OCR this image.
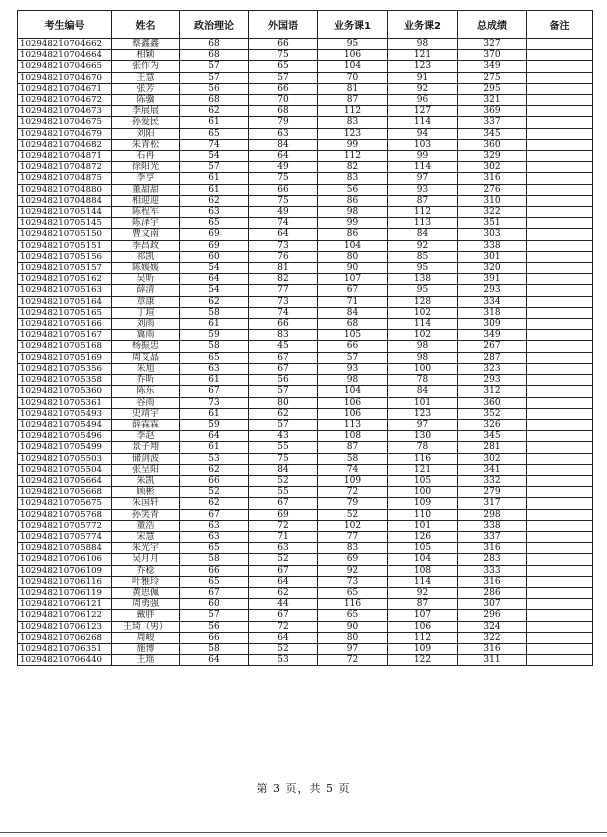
考生编号	姓名	政治理论	外国语	业务课1	业务课2	总成绩	备注
102948210704662	蔡鑫鑫	68	66	95	98	327	
102948210704664	相颖	68	75	106	121	370	
102948210704665	张作为	57	65	104	123	349	
102948210704670	王慧	57	57	70	91	275	
102948210704671	张芳	56	66	81	92	295	
102948210704672	陈骥	68	70	87	96	321	
102948210704673	李展展	62	68	112	127	369	
102948210704675	孙爱民	61	79	83	114	337	
102948210704679	刘阳	65	63	123	94	345	
102948210704682	朱青松	74	84	99	103	360	
102948210704871	石冉	54	64	112	99	329	
102948210704872	徐阳光	57	49	82	114	302	
102948210704875	李亨	61	75	83	97	316	
102948210704880	董甜甜	61	66	56	93	276	
102948210704884	相迎迎	62	75	86	87	310	
102948210705144	陈程军	63	49	98	112	322	
102948210705145	陈泽宇	65	74	99	113	351	
102948210705150	曹文南	69	64	86	84	303	
102948210705151	季昌政	69	73	104	92	338	
102948210705156	祁凯	60	76	80	85	301	
102948210705157	陈媛媛	54	81	90	95	320	
102948210705162	吴昕	64	82	107	138	391	
102948210705163	薛清	54	77	67	95	293	
102948210705164	章康	62	73	71	128	334	
102948210705165	丁瑄	58	74	84	102	318	
102948210705166	刘雨	61	66	68	114	309	
102948210705167	冀雨	59	83	105	102	349	
102948210705168	杨振忠	58	45	66	98	267	
102948210705169	周艾晶	65	67	57	98	287	
102948210705356	朱旭	63	67	93	100	323	
102948210705358	乔昕	61	56	98	78	293	
102948210705360	陈东	67	57	104	84	312	
102948210705361	谷雨	73	80	106	101	360	
102948210705493	史靖宇	61	62	106	123	352	
102948210705494	薛霖霖	59	57	113	97	326	
102948210705496	李赵	64	43	108	130	345	
102948210705499	景子翔	61	55	87	78	281	
102948210705503	储剑波	53	75	58	116	302	
102948210705504	张呈阳	62	84	74	121	341	
102948210705664	朱凯	66	52	109	105	332	
102948210705668	顾彬	52	55	72	100	279	
102948210705675	朱国轩	62	67	79	109	317	
102948210705768	孙笑青	67	69	52	110	298	
102948210705772	董浩	63	72	102	101	338	
102948210705774	宋慧	63	71	77	126	337	
102948210705884	朱光宇	65	63	83	105	316	
102948210706106	吴月月	58	52	69	104	283	
102948210706109	乔稔	66	67	92	108	333	
102948210706116	叶雅玲	65	64	73	114	316	
102948210706119	黄思佩	67	62	65	92	286	
102948210706121	周勇强	60	44	116	87	307	
102948210706122	戴胖	57	67	65	107	296	
102948210706123	王琦（男）	56	72	90	106	324	
102948210706268	周峻	66	64	80	112	322	
102948210706351	施博	58	52	97	109	316	
102948210706440	王瑶	64	53	72	122	311	
第 3 页，共 5 页
